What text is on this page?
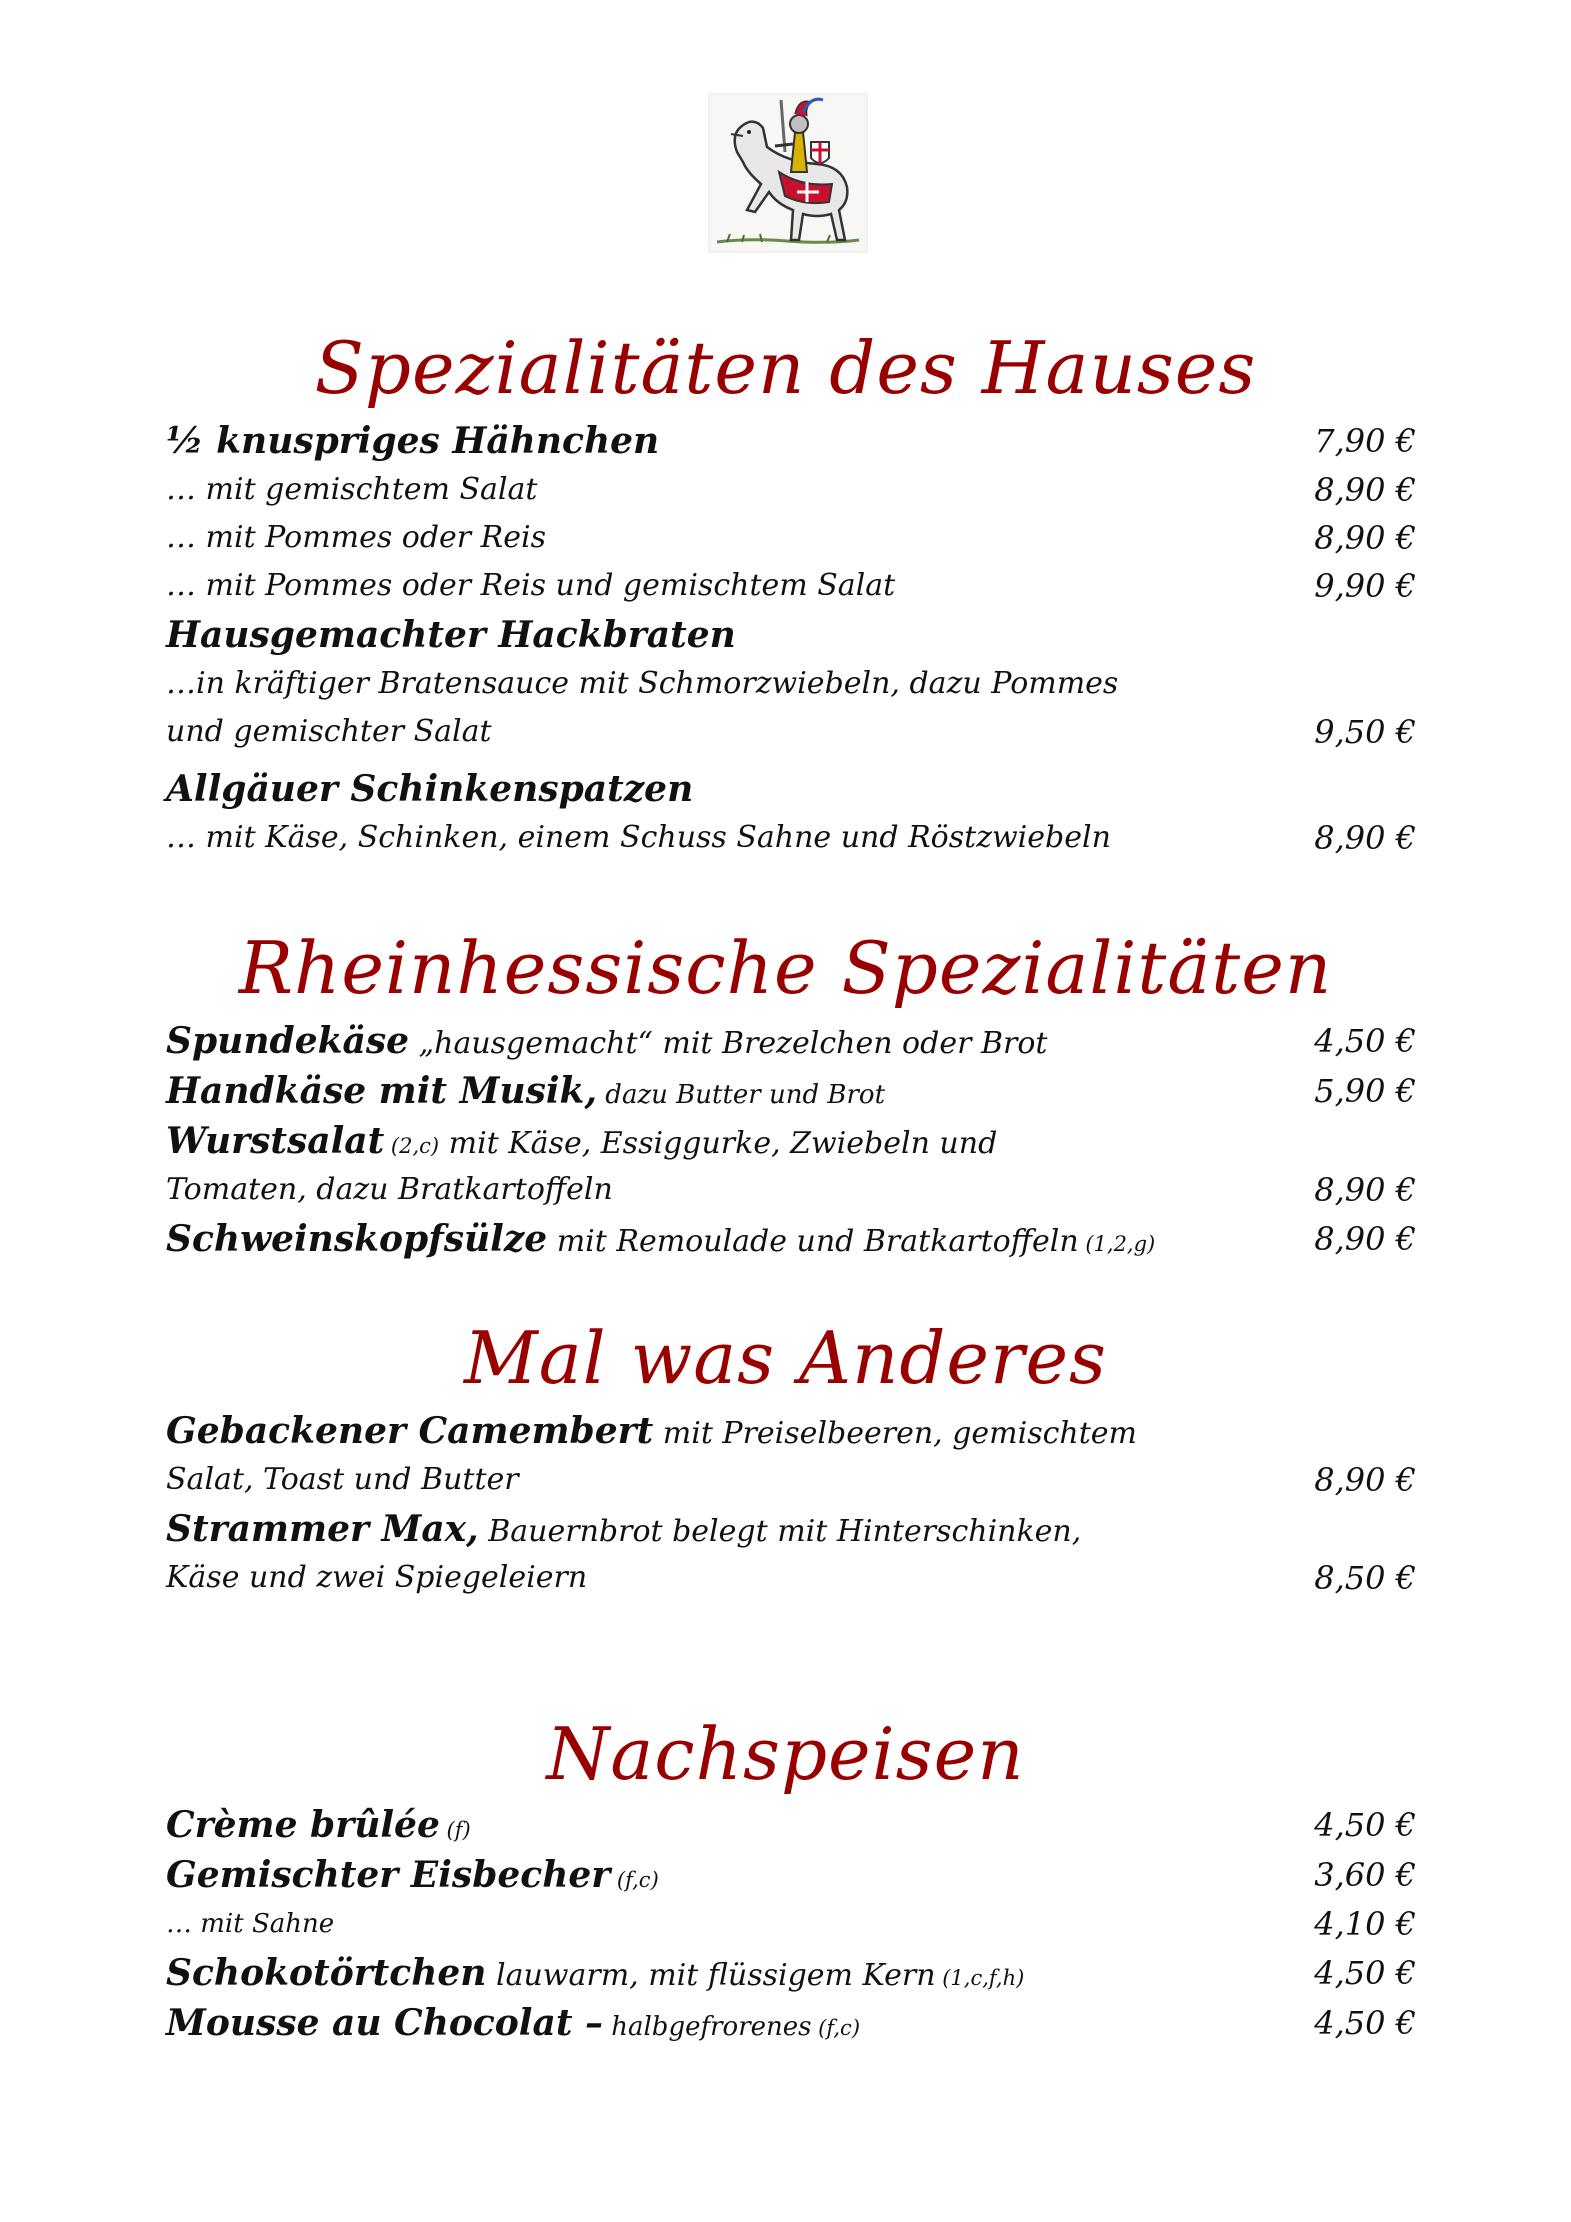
Spezialitäten des Hauses
½ knuspriges Hähnchen	7,90 €
… mit gemischtem Salat	8,90 €
… mit Pommes oder Reis	8,90 €
… mit Pommes oder Reis und gemischtem Salat	9,90 €
Hausgemachter Hackbraten
…in kräftiger Bratensauce mit Schmorzwiebeln, dazu Pommes
und gemischter Salat	9,50 €
Allgäuer Schinkenspatzen
… mit Käse, Schinken, einem Schuss Sahne und Röstzwiebeln	8,90 €
Rheinhessische Spezialitäten
Spundekäse „hausgemacht“ mit Brezelchen oder Brot	4,50 €
Handkäse mit Musik, dazu Butter und Brot	5,90 €
Wurstsalat (2,c) mit Käse, Essiggurke, Zwiebeln und
Tomaten, dazu Bratkartoffeln	8,90 €
Schweinskopfsülze mit Remoulade und Bratkartoffeln (1,2,g)	8,90 €
Mal was Anderes
Gebackener Camembert mit Preiselbeeren, gemischtem
Salat, Toast und Butter	8,90 €
Strammer Max, Bauernbrot belegt mit Hinterschinken,
Käse und zwei Spiegeleiern	8,50 €
Nachspeisen
Crème brûlée (f)	4,50 €
Gemischter Eisbecher (f,c)	3,60 €
… mit Sahne	4,10 €
Schokotörtchen lauwarm, mit flüssigem Kern (1,c,f,h)	4,50 €
Mousse au Chocolat – halbgefrorenes (f,c)	4,50 €
